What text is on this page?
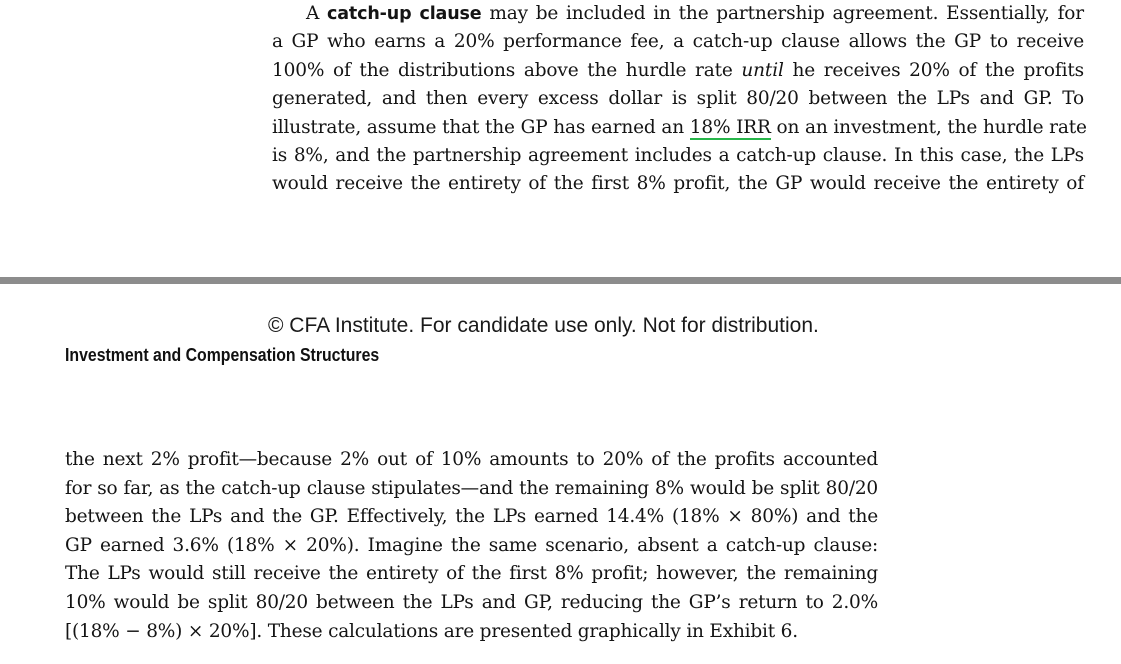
A catch-up clause may be included in the partnership agreement. Essentially, for
a GP who earns a 20% performance fee, a catch-up clause allows the GP to receive
100% of the distributions above the hurdle rate until he receives 20% of the profits
generated, and then every excess dollar is split 80/20 between the LPs and GP. To
illustrate, assume that the GP has earned an 18% IRR on an investment, the hurdle rate
is 8%, and the partnership agreement includes a catch-up clause. In this case, the LPs
would receive the entirety of the first 8% profit, the GP would receive the entirety of
© CFA Institute. For candidate use only. Not for distribution.
Investment and Compensation Structures
the next 2% profit—because 2% out of 10% amounts to 20% of the profits accounted
for so far, as the catch-up clause stipulates—and the remaining 8% would be split 80/20
between the LPs and the GP. Effectively, the LPs earned 14.4% (18% × 80%) and the
GP earned 3.6% (18% × 20%). Imagine the same scenario, absent a catch-up clause:
The LPs would still receive the entirety of the first 8% profit; however, the remaining
10% would be split 80/20 between the LPs and GP, reducing the GP’s return to 2.0%
[(18% − 8%) × 20%]. These calculations are presented graphically in Exhibit 6.
